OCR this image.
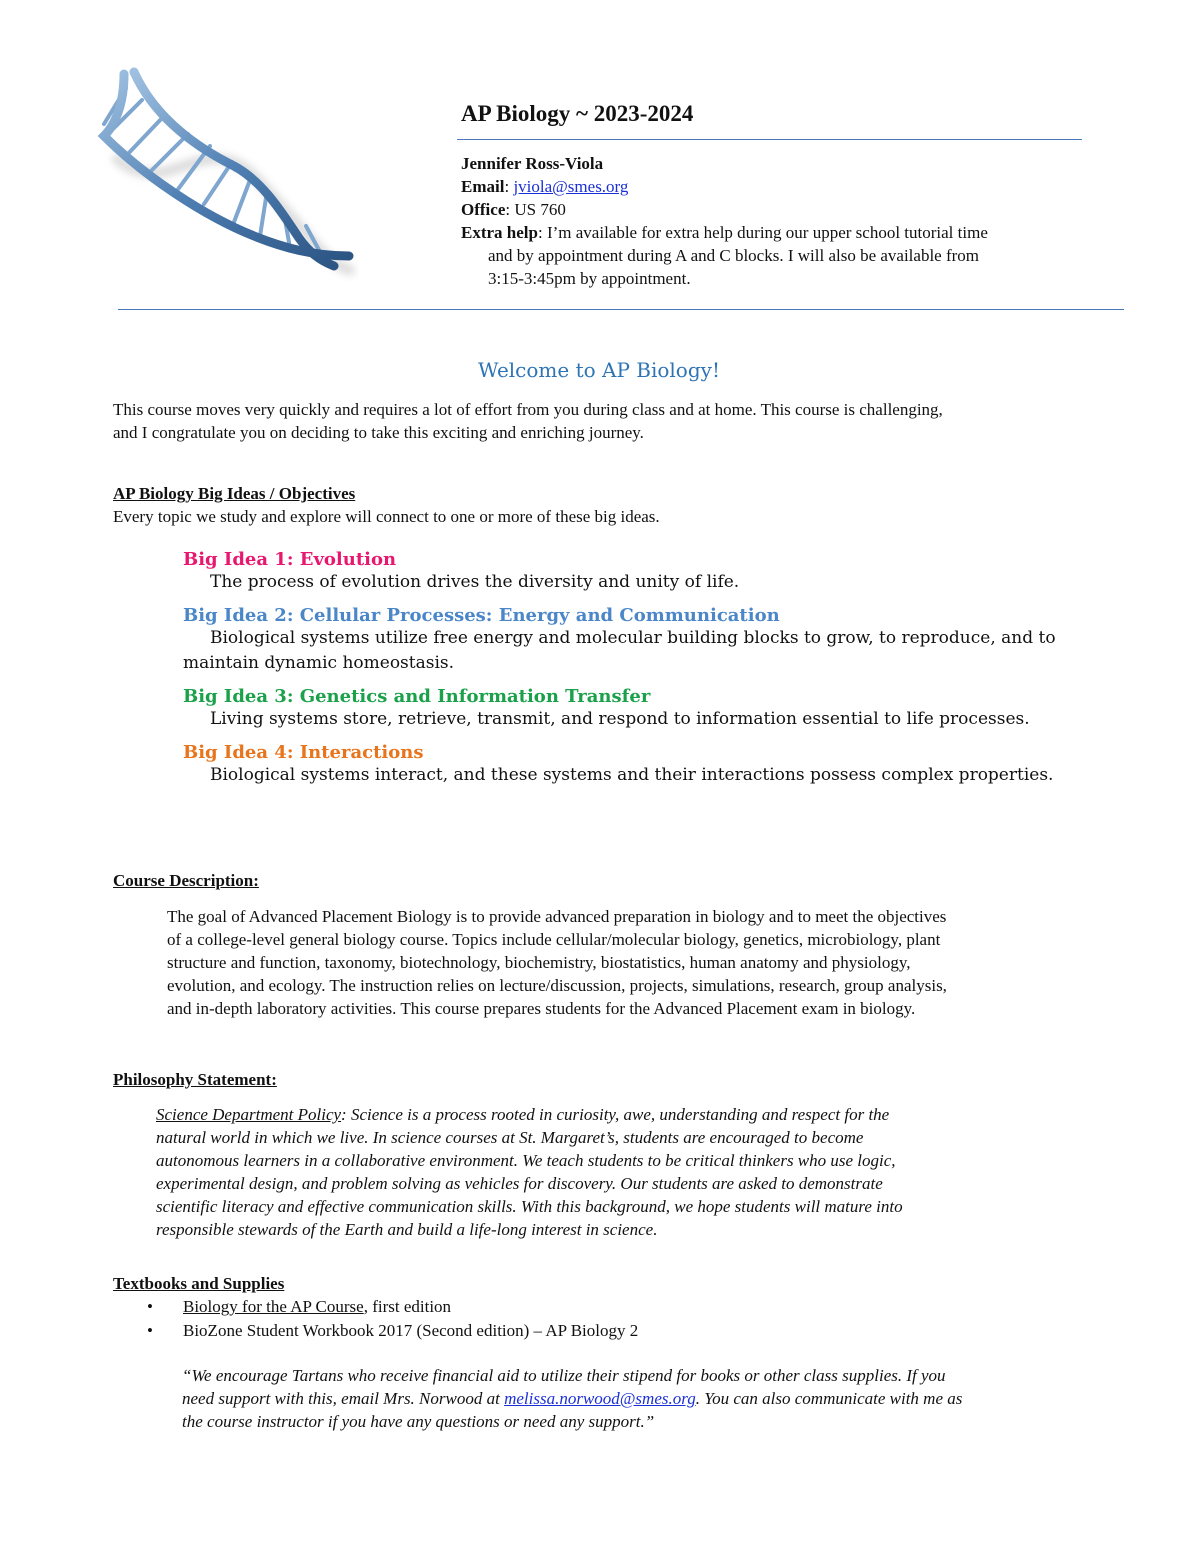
AP Biology ~ 2023-2024
Jennifer Ross-Viola
Email: jviola@smes.org
Office: US 760
Extra help: I’m available for extra help during our upper school tutorial time
and by appointment during A and C blocks. I will also be available from
3:15-3:45pm by appointment.
Welcome to AP Biology!
This course moves very quickly and requires a lot of effort from you during class and at home. This course is challenging,
and I congratulate you on deciding to take this exciting and enriching journey.
AP Biology Big Ideas / Objectives
Every topic we study and explore will connect to one or more of these big ideas.
Big Idea 1: Evolution
The process of evolution drives the diversity and unity of life.
Big Idea 2: Cellular Processes: Energy and Communication
Biological systems utilize free energy and molecular building blocks to grow, to reproduce, and to
maintain dynamic homeostasis.
Big Idea 3: Genetics and Information Transfer
Living systems store, retrieve, transmit, and respond to information essential to life processes.
Big Idea 4: Interactions
Biological systems interact, and these systems and their interactions possess complex properties.
Course Description:
The goal of Advanced Placement Biology is to provide advanced preparation in biology and to meet the objectives
of a college-level general biology course. Topics include cellular/molecular biology, genetics, microbiology, plant
structure and function, taxonomy, biotechnology, biochemistry, biostatistics, human anatomy and physiology,
evolution, and ecology. The instruction relies on lecture/discussion, projects, simulations, research, group analysis,
and in-depth laboratory activities. This course prepares students for the Advanced Placement exam in biology.
Philosophy Statement:
Science Department Policy: Science is a process rooted in curiosity, awe, understanding and respect for the
natural world in which we live. In science courses at St. Margaret’s, students are encouraged to become
autonomous learners in a collaborative environment. We teach students to be critical thinkers who use logic,
experimental design, and problem solving as vehicles for discovery. Our students are asked to demonstrate
scientific literacy and effective communication skills. With this background, we hope students will mature into
responsible stewards of the Earth and build a life-long interest in science.
Textbooks and Supplies
• Biology for the AP Course, first edition
• BioZone Student Workbook 2017 (Second edition) – AP Biology 2
“We encourage Tartans who receive financial aid to utilize their stipend for books or other class supplies. If you
need support with this, email Mrs. Norwood at melissa.norwood@smes.org. You can also communicate with me as
the course instructor if you have any questions or need any support.”
